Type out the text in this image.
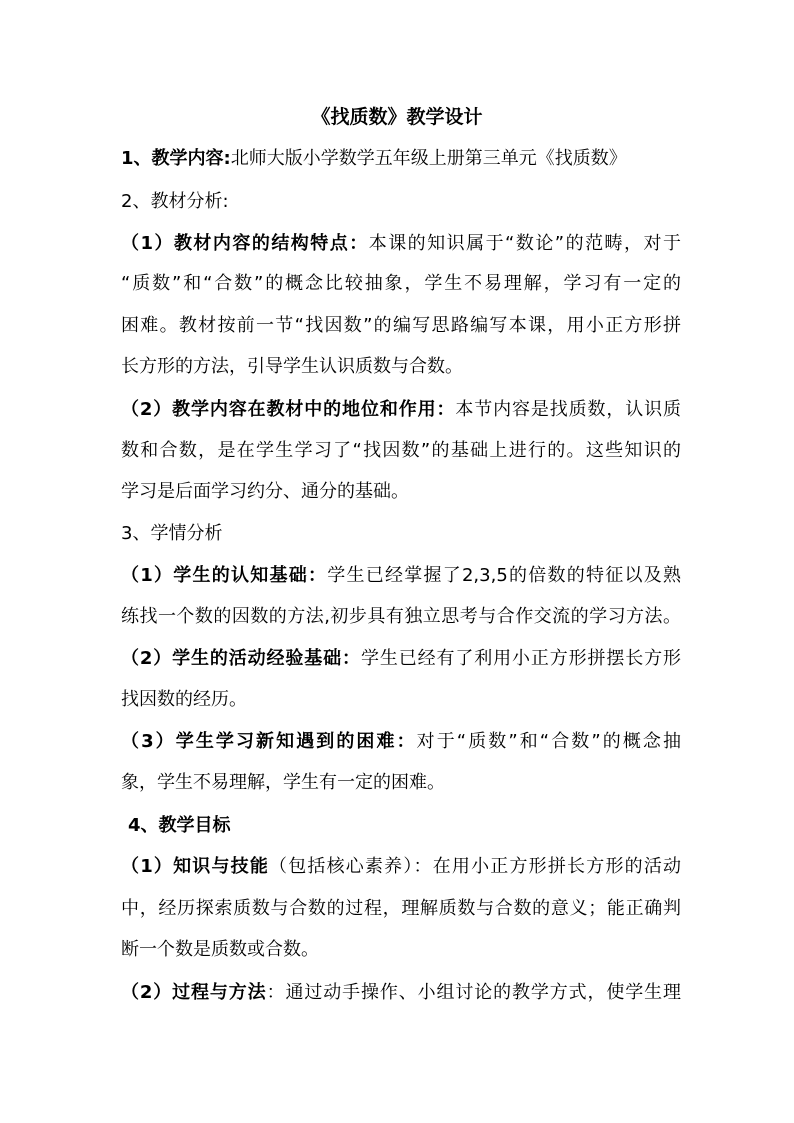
《找质数》教学设计
1、教学内容:北师大版小学数学五年级上册第三单元《找质数》
2、教材分析:
（1）教材内容的结构特点：本课的知识属于“数论”的范畴，对于
“质数”和“合数”的概念比较抽象，学生不易理解，学习有一定的
困难。教材按前一节“找因数”的编写思路编写本课，用小正方形拼
长方形的方法，引导学生认识质数与合数。
（2）教学内容在教材中的地位和作用：本节内容是找质数，认识质
数和合数，是在学生学习了“找因数”的基础上进行的。这些知识的
学习是后面学习约分、通分的基础。
3、学情分析
（1）学生的认知基础：学生已经掌握了2,3,5的倍数的特征以及熟
练找一个数的因数的方法,初步具有独立思考与合作交流的学习方法。
（2）学生的活动经验基础：学生已经有了利用小正方形拼摆长方形
找因数的经历。
（3）学生学习新知遇到的困难：对于“质数”和“合数”的概念抽
象，学生不易理解，学生有一定的困难。
4、教学目标
（1）知识与技能（包括核心素养）：在用小正方形拼长方形的活动
中，经历探索质数与合数的过程，理解质数与合数的意义；能正确判
断一个数是质数或合数。
（2）过程与方法：通过动手操作、小组讨论的教学方式，使学生理
